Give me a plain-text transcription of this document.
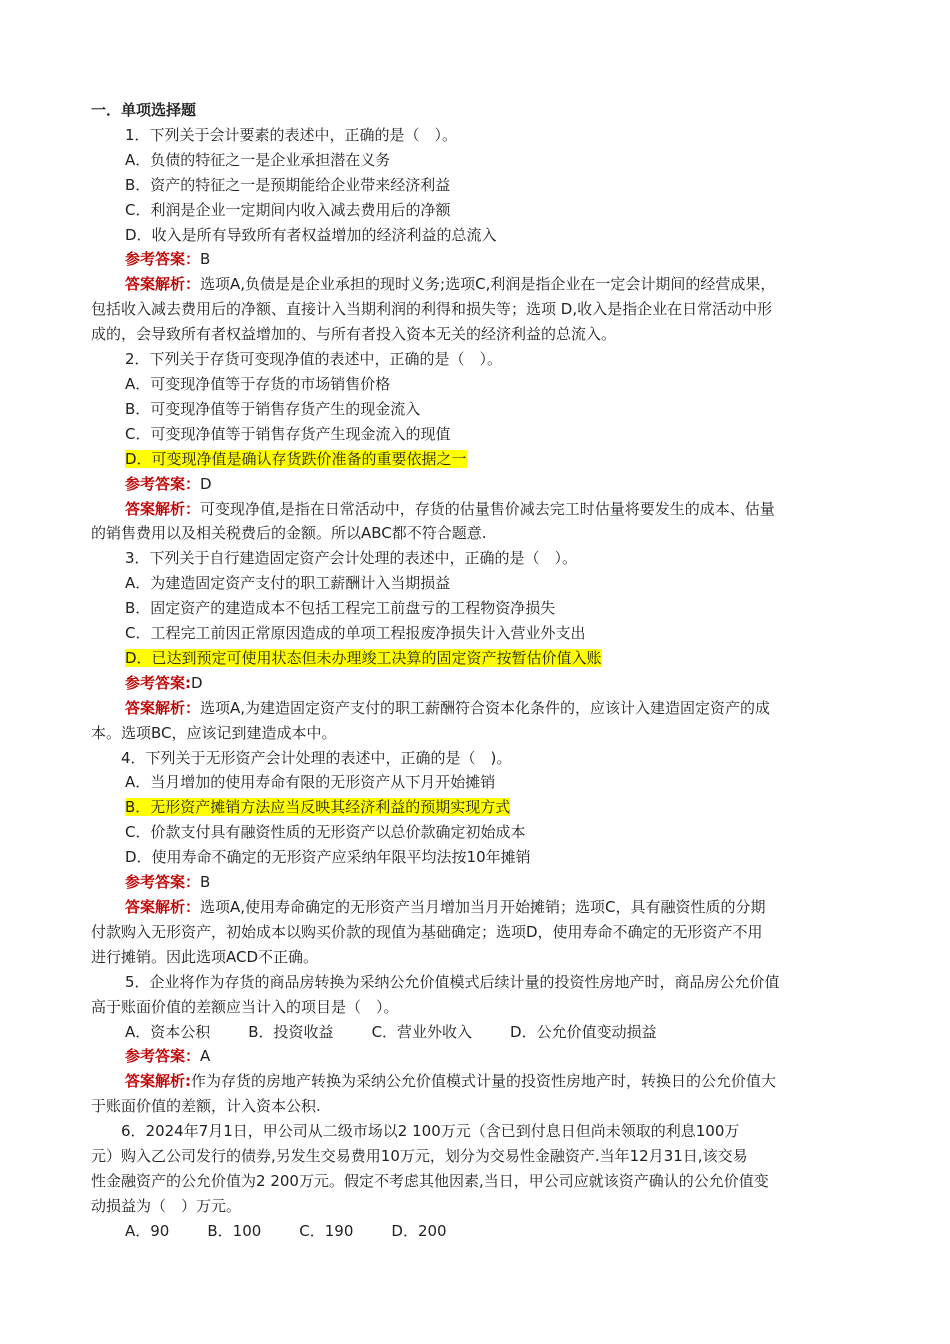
一．单项选择题
1．下列关于会计要素的表述中，正确的是（　）。
A．负债的特征之一是企业承担潜在义务
B．资产的特征之一是预期能给企业带来经济利益
C．利润是企业一定期间内收入减去费用后的净额
D．收入是所有导致所有者权益增加的经济利益的总流入
参考答案：B
答案解析：选项A,负债是是企业承担的现时义务;选项C,利润是指企业在一定会计期间的经营成果，
包括收入减去费用后的净额、直接计入当期利润的利得和损失等；选项 D,收入是指企业在日常活动中形
成的，会导致所有者权益增加的、与所有者投入资本无关的经济利益的总流入。
2．下列关于存货可变现净值的表述中，正确的是（　）。
A．可变现净值等于存货的市场销售价格
B．可变现净值等于销售存货产生的现金流入
C．可变现净值等于销售存货产生现金流入的现值
D．可变现净值是确认存货跌价准备的重要依据之一
参考答案：D
答案解析：可变现净值,是指在日常活动中，存货的估量售价减去完工时估量将要发生的成本、估量
的销售费用以及相关税费后的金额。所以ABC都不符合题意.
3．下列关于自行建造固定资产会计处理的表述中，正确的是（　）。
A．为建造固定资产支付的职工薪酬计入当期损益
B．固定资产的建造成本不包括工程完工前盘亏的工程物资净损失
C．工程完工前因正常原因造成的单项工程报废净损失计入营业外支出
D．已达到预定可使用状态但未办理竣工决算的固定资产按暂估价值入账
参考答案:D
答案解析：选项A,为建造固定资产支付的职工薪酬符合资本化条件的，应该计入建造固定资产的成
本。选项BC，应该记到建造成本中。
4．下列关于无形资产会计处理的表述中，正确的是（　)。
A．当月增加的使用寿命有限的无形资产从下月开始摊销
B．无形资产摊销方法应当反映其经济利益的预期实现方式
C．价款支付具有融资性质的无形资产以总价款确定初始成本
D．使用寿命不确定的无形资产应采纳年限平均法按10年摊销
参考答案：B
答案解析：选项A,使用寿命确定的无形资产当月增加当月开始摊销；选项C，具有融资性质的分期
付款购入无形资产，初始成本以购买价款的现值为基础确定；选项D，使用寿命不确定的无形资产不用
进行摊销。因此选项ACD不正确。
5．企业将作为存货的商品房转换为采纳公允价值模式后续计量的投资性房地产时，商品房公允价值
高于账面价值的差额应当计入的项目是（　）。
A．资本公积	B．投资收益	C．营业外收入	D．公允价值变动损益
参考答案：A
答案解析:作为存货的房地产转换为采纳公允价值模式计量的投资性房地产时，转换日的公允价值大
于账面价值的差额，计入资本公积.
6．2024年7月1日，甲公司从二级市场以2 100万元（含已到付息日但尚未领取的利息100万
元）购入乙公司发行的债券,另发生交易费用10万元，划分为交易性金融资产.当年12月31日,该交易
性金融资产的公允价值为2 200万元。假定不考虑其他因素,当日，甲公司应就该资产确认的公允价值变
动损益为（　）万元。
A．90	B．100	C．190	D．200
